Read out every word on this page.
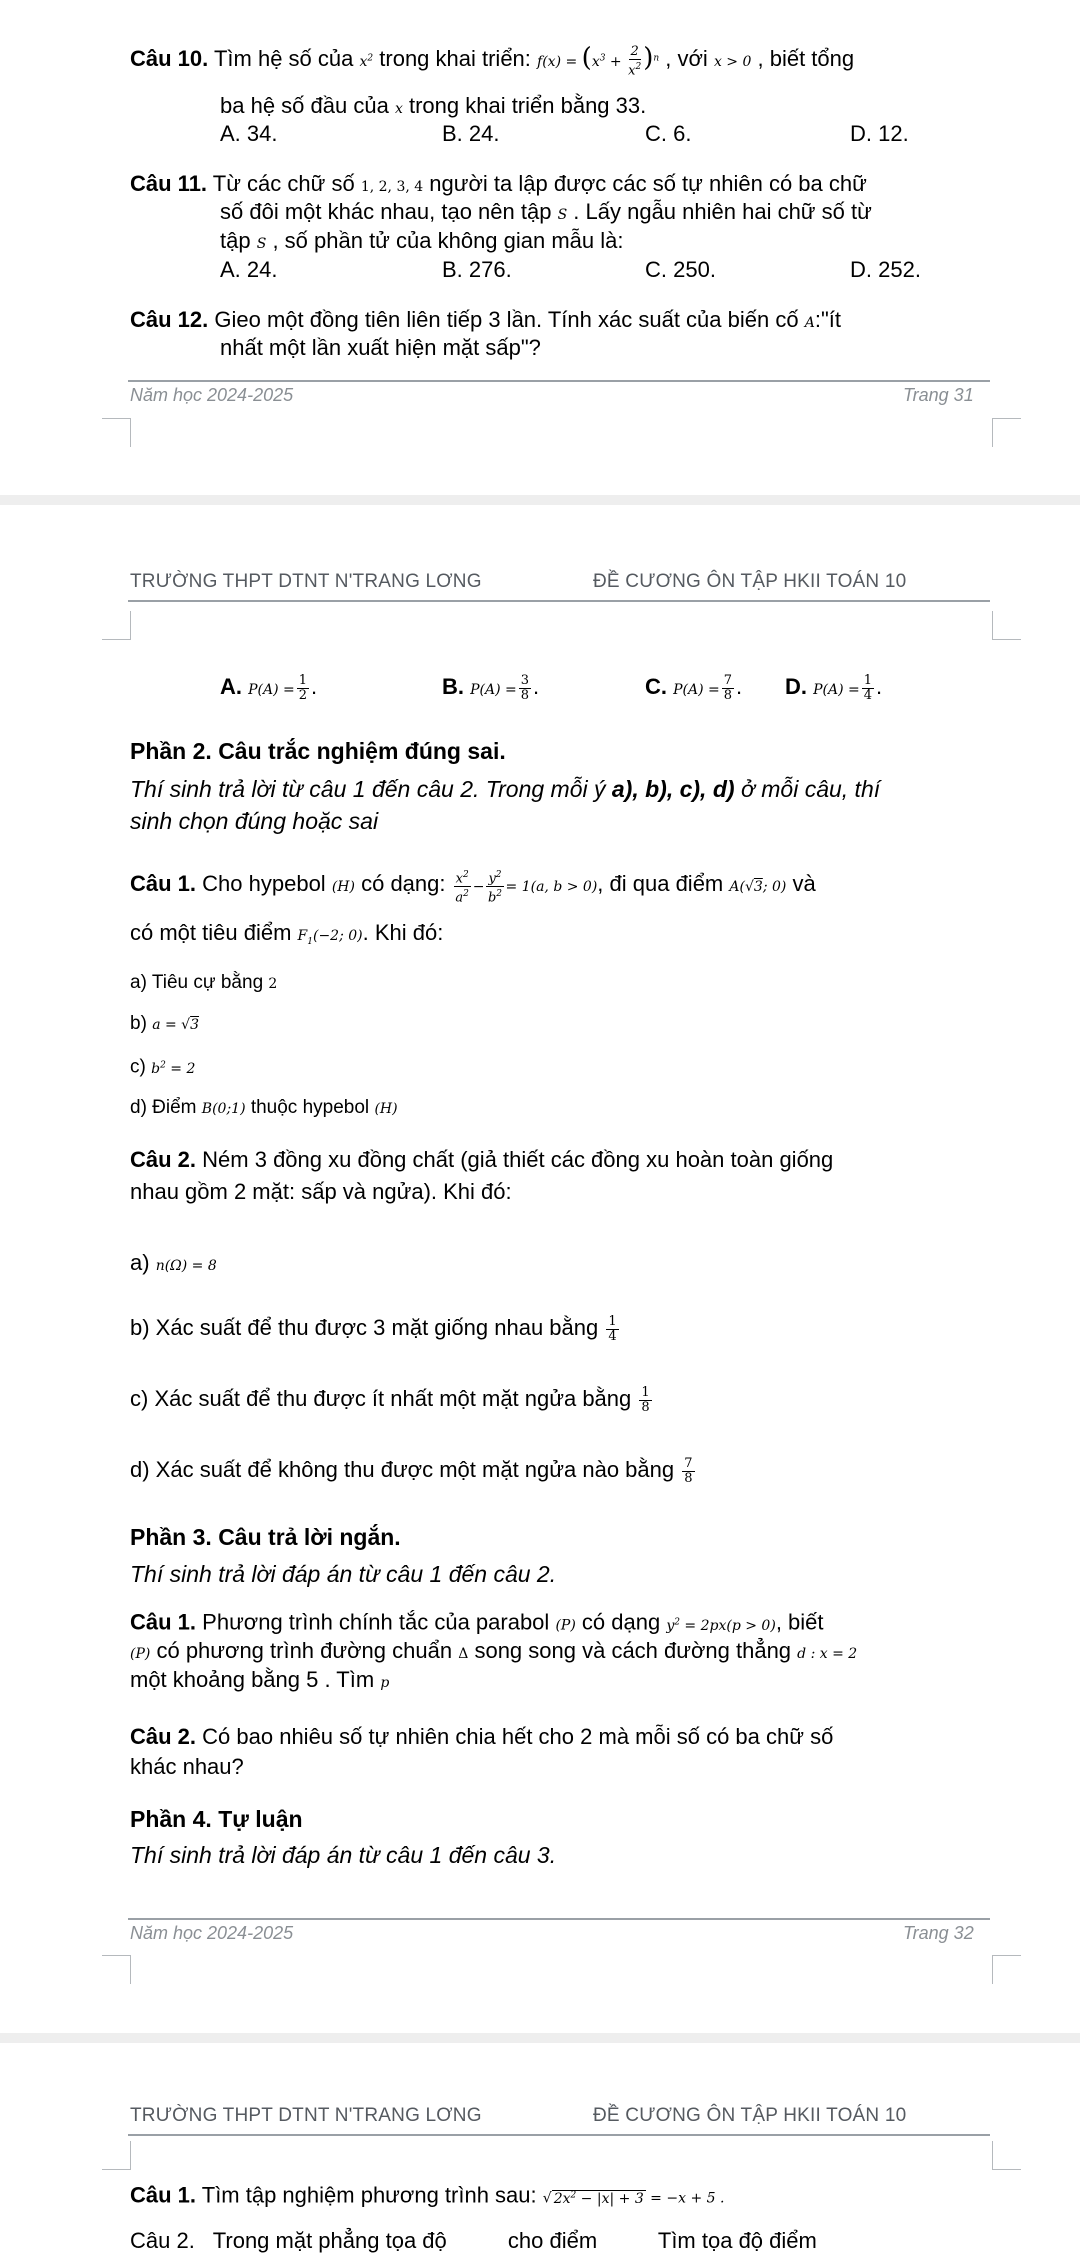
Câu 10. Tìm hệ số của $x^2$ trong khai triển: $f(x) = (x^3 + \frac{2}{x^2} )^n$ , với x > 0 , biết tổng
ba hệ số đầu của x trong khai triển bằng 33.
A. 34.	B. 24.	C. 6.	D. 12.
Câu 11. Từ các chữ số 1, 2, 3, 4 người ta lập được các số tự nhiên có ba chữ
số đôi một khác nhau, tạo nên tập S . Lấy ngẫu nhiên hai chữ số từ
tập S , số phần tử của không gian mẫu là:
A. 24.	B. 276.	C. 250.	D. 252.
Câu 12. Gieo một đồng tiên liên tiếp 3 lần. Tính xác suất của biến cố A:"ít
nhất một lần xuất hiện mặt sấp"?
Năm học 2024-2025	Trang 31
TRƯỜNG THPT DTNT N'TRANG LƠNG	ĐỀ CƯƠNG ÔN TẬP HKII TOÁN 10
A. $P(A) = \frac{1}{2}$ .	B. $P(A) = \frac{3}{8}$ .	C. $P(A) = \frac{7}{8}$ . D. $P(A) = \frac{1}{4}$ .
Phần 2. Câu trắc nghiệm đúng sai.
Thí sinh trả lời từ câu 1 đến câu 2. Trong mỗi ý a), b), c), d) ở mỗi câu, thí
sinh chọn đúng hoặc sai
Câu 1. Cho hypebol (H) có dạng: $\frac{x^2}{a^2} - \frac{y^2}{b^2} = 1(a$, b > 0), đi qua điểm A(√3; 0) và
có một tiêu điểm $F_1(-2$; 0). Khi đó:
a) Tiêu cự bằng 2
b) a = √3
c) $b^2 = 2$
d) Điểm B(0;1) thuộc hypebol (H)
Câu 2. Ném 3 đồng xu đồng chất (giả thiết các đồng xu hoàn toàn giống
nhau gồm 2 mặt: sấp và ngửa). Khi đó:
a) n(Ω) = 8
b) Xác suất để thu được 3 mặt giống nhau bằng $\frac{1}{4}$
c) Xác suất để thu được ít nhất một mặt ngửa bằng $\frac{1}{8}$
d) Xác suất để không thu được một mặt ngửa nào bằng $\frac{7}{8}$
Phần 3. Câu trả lời ngắn.
Thí sinh trả lời đáp án từ câu 1 đến câu 2.
Câu 1. Phương trình chính tắc của parabol (P) có dạng $y^2 = 2px(p > 0)$, biết
(P) có phương trình đường chuẩn Δ song song và cách đường thẳng d : x = 2
một khoảng bằng 5 . Tìm p
Câu 2. Có bao nhiêu số tự nhiên chia hết cho 2 mà mỗi số có ba chữ số
khác nhau?
Phần 4. Tự luận
Thí sinh trả lời đáp án từ câu 1 đến câu 3.
Năm học 2024-2025	Trang 32
TRƯỜNG THPT DTNT N'TRANG LƠNG	ĐỀ CƯƠNG ÔN TẬP HKII TOÁN 10
Câu 1. Tìm tập nghiệm phương trình sau: √ $2x^2 - |x| + 3 = -x + 5$ .
Câu 2.   Trong mặt phẳng tọa độ          cho điểm          Tìm tọa độ điểm
